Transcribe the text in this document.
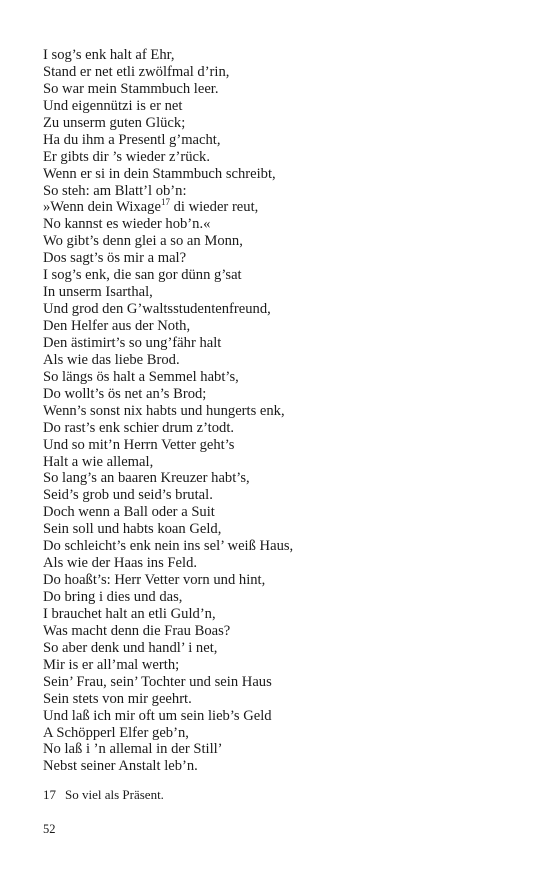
I sog’s enk halt af Ehr,
Stand er net etli zwölfmal d’rin,
So war mein Stammbuch leer.
Und eigennützi is er net
Zu unserm guten Glück;
Ha du ihm a Presentl g’macht,
Er gibts dir ’s wieder z’rück.
Wenn er si in dein Stammbuch schreibt,
So steh: am Blatt’l ob’n:
»Wenn dein Wixage$^{17}$ di wieder reut,
No kannst es wieder hob’n.«
Wo gibt’s denn glei a so an Monn,
Dos sagt’s ös mir a mal?
I sog’s enk, die san gor dünn g’sat
In unserm Isarthal,
Und grod den G’waltsstudentenfreund,
Den Helfer aus der Noth,
Den ästimirt’s so ung’fähr halt
Als wie das liebe Brod.
So längs ös halt a Semmel habt’s,
Do wollt’s ös net an’s Brod;
Wenn’s sonst nix habts und hungerts enk,
Do rast’s enk schier drum z’todt.
Und so mit’n Herrn Vetter geht’s
Halt a wie allemal,
So lang’s an baaren Kreuzer habt’s,
Seid’s grob und seid’s brutal.
Doch wenn a Ball oder a Suit
Sein soll und habts koan Geld,
Do schleicht’s enk nein ins sel’ weiß Haus,
Als wie der Haas ins Feld.
Do hoaßt’s: Herr Vetter vorn und hint,
Do bring i dies und das,
I brauchet halt an etli Guld’n,
Was macht denn die Frau Boas?
So aber denk und handl’ i net,
Mir is er all’mal werth;
Sein’ Frau, sein’ Tochter und sein Haus
Sein stets von mir geehrt.
Und laß ich mir oft um sein lieb’s Geld
A Schöpperl Elfer geb’n,
No laß i ’n allemal in der Still’
Nebst seiner Anstalt leb’n.
17 So viel als Präsent.
52
